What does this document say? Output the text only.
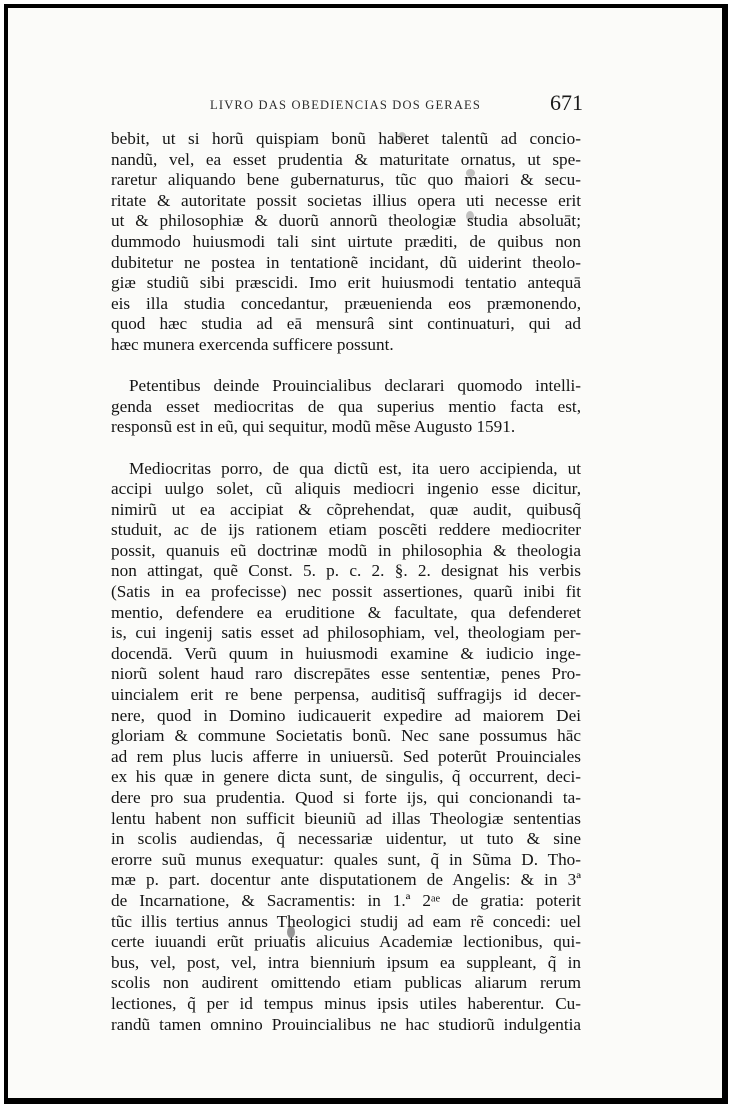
LIVRO DAS OBEDIENCIAS DOS GERAES	671

bebit, ut si horũ quispiam bonũ haberet talentũ ad concio-

nandũ, vel, ea esset prudentia & maturitate ornatus, ut spe-

raretur aliquando bene gubernaturus, tũc quo maiori & secu-

ritate & autoritate possit societas illius opera uti necesse erit

ut & philosophiæ & duorũ annorũ theologiæ studia absoluāt;

dummodo huiusmodi tali sint uirtute præditi, de quibus non

dubitetur ne postea in tentationẽ incidant, dũ uiderint theolo-

giæ studiũ sibi præscidi. Imo erit huiusmodi tentatio antequā

eis illa studia concedantur, præuenienda eos præmonendo,

quod hæc studia ad eā mensurâ sint continuaturi, qui ad

hæc munera exercenda sufficere possunt.

Petentibus deinde Prouincialibus declarari quomodo intelli-

genda esset mediocritas de qua superius mentio facta est,

responsũ est in eũ, qui sequitur, modũ mẽse Augusto 1591.

Mediocritas porro, de qua dictũ est, ita uero accipienda, ut

accipi uulgo solet, cũ aliquis mediocri ingenio esse dicitur,

nimirũ ut ea accipiat & cõprehendat, quæ audit, quibusq̃

studuit, ac de ijs rationem etiam poscẽti reddere mediocriter

possit, quanuis eũ doctrinæ modũ in philosophia & theologia

non attingat, quẽ Const. 5. p. c. 2. §. 2. designat his verbis

(Satis in ea profecisse) nec possit assertiones, quarũ inibi fit

mentio, defendere ea eruditione & facultate, qua defenderet

is, cui ingenij satis esset ad philosophiam, vel, theologiam per-

docendā. Verũ quum in huiusmodi examine & iudicio inge-

niorũ solent haud raro discrepātes esse sententiæ, penes Pro-

uincialem erit re bene perpensa, auditisq̃ suffragijs id decer-

nere, quod in Domino iudicauerit expedire ad maiorem Dei

gloriam & commune Societatis bonũ. Nec sane possumus hāc

ad rem plus lucis afferre in uniuersũ. Sed poterũt Prouinciales

ex his quæ in genere dicta sunt, de singulis, q̃ occurrent, deci-

dere pro sua prudentia. Quod si forte ijs, qui concionandi ta-

lentu habent non sufficit bieuniũ ad illas Theologiæ sententias

in scolis audiendas, q̃ necessariæ uidentur, ut tuto & sine

erorre suũ munus exequatur: quales sunt, q̃ in Sũma D. Tho-

mæ p. part. docentur ante disputationem de Angelis: & in 3ª

de Incarnatione, & Sacramentis: in 1.ª 2ᵃᵉ de gratia: poterit

tũc illis tertius annus Theologici studij ad eam rẽ concedi: uel

certe iuuandi erũt priuatis alicuius Academiæ lectionibus, qui-

bus, vel, post, vel, intra bienniuṁ ipsum ea suppleant, q̃ in

scolis non audirent omittendo etiam publicas aliarum rerum

lectiones, q̃ per id tempus minus ipsis utiles haberentur. Cu-

randũ tamen omnino Prouincialibus ne hac studiorũ indulgentia
